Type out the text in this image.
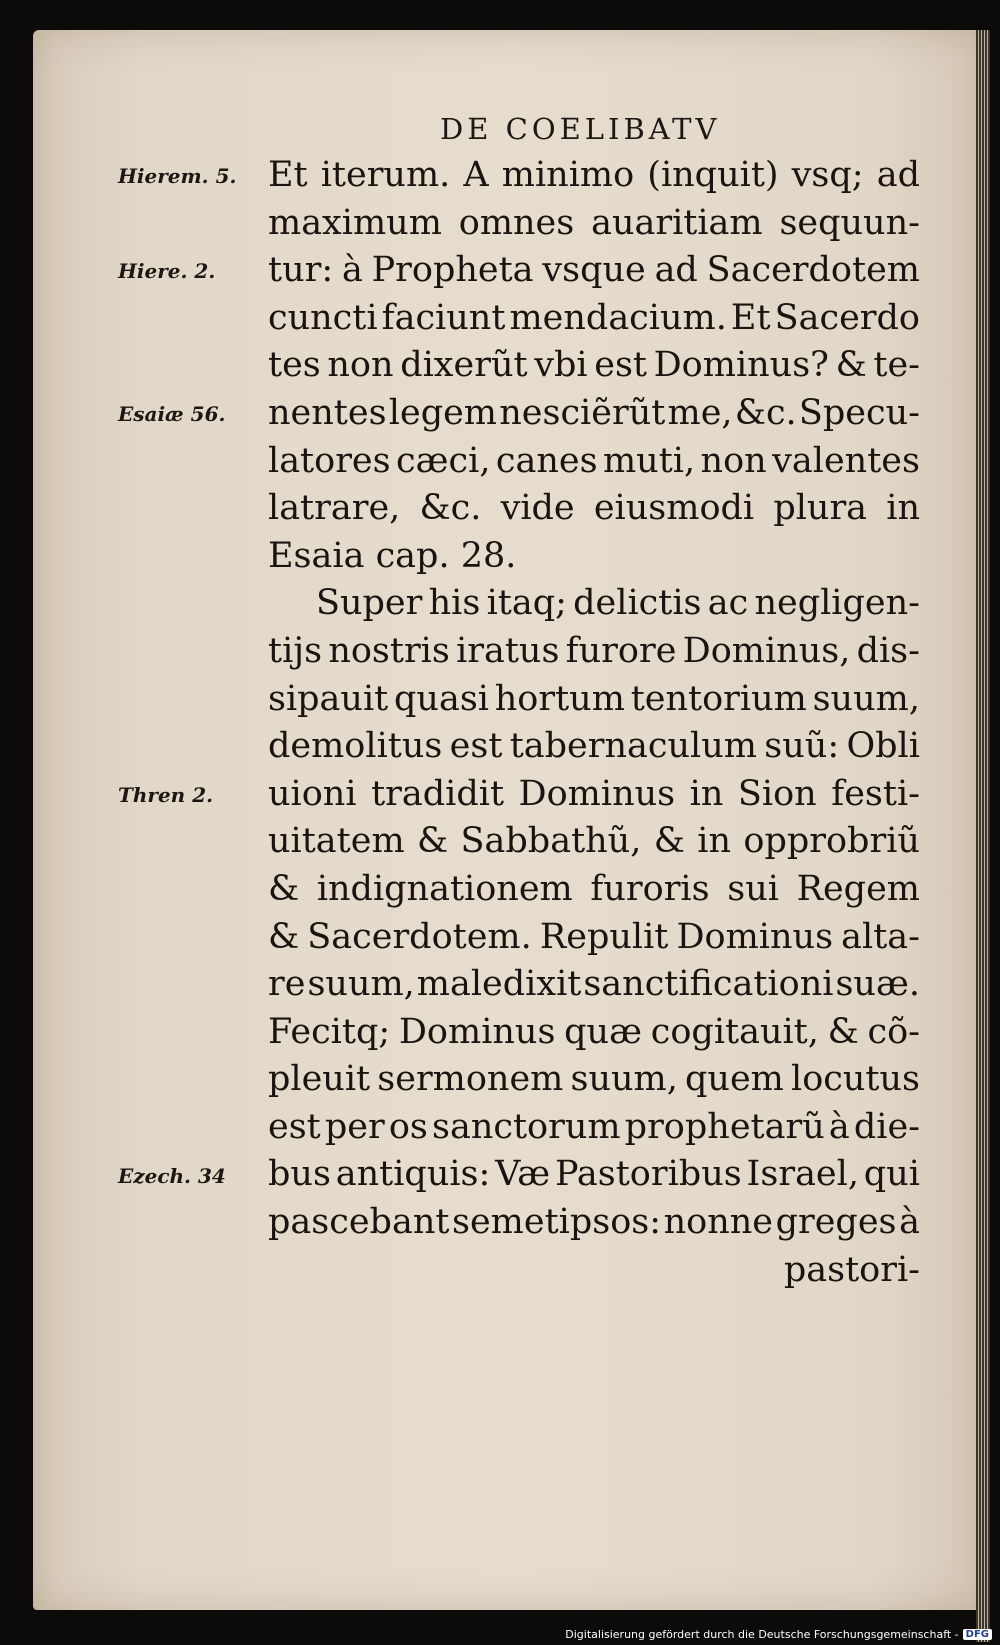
DE COELIBATV
Hierem. 5.
Hiere. 2.
Esaiæ 56.
Thren 2.
Ezech. 34
Et iterum. A minimo (inquit) vsq; ad
maximum omnes auaritiam sequun-
tur: à Propheta vsque ad Sacerdotem
cuncti faciunt mendacium. Et Sacerdo
tes non dixerũt vbi est Dominus? & te-
nentes legem nesciẽrũt me, &c. Specu-
latores cæci, canes muti, non valentes
latrare, &c. vide eiusmodi plura in
Esaia cap. 28.
Super his itaq; delictis ac negligen-
tijs nostris iratus furore Dominus, dis-
sipauit quasi hortum tentorium suum,
demolitus est tabernaculum suũ: Obli
uioni tradidit Dominus in Sion festi-
uitatem & Sabbathũ, & in opprobriũ
& indignationem furoris sui Regem
& Sacerdotem. Repulit Dominus alta-
re suum, maledixit sanctificationi suæ.
Fecitq; Dominus quæ cogitauit, & cõ-
pleuit sermonem suum, quem locutus
est per os sanctorum prophetarũ à die-
bus antiquis: Væ Pastoribus Israel, qui
pascebant semetipsos: nonne greges à
pastori-
Digitalisierung gefördert durch die Deutsche Forschungsgemeinschaft - DFG
